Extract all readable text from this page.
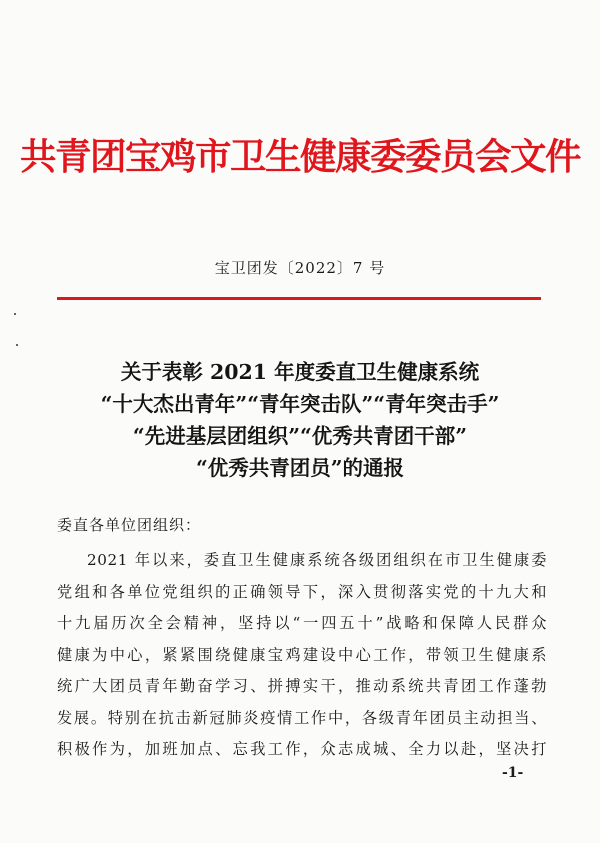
共青团宝鸡市卫生健康委委员会文件
宝卫团发〔2022〕7 号
关于表彰 2021 年度委直卫生健康系统
“十大杰出青年”“青年突击队”“青年突击手”
“先进基层团组织”“优秀共青团干部”
“优秀共青团员”的通报
委直各单位团组织：
2021 年以来，委直卫生健康系统各级团组织在市卫生健康委
党组和各单位党组织的正确领导下，深入贯彻落实党的十九大和
十九届历次全会精神，坚持以“一四五十”战略和保障人民群众
健康为中心，紧紧围绕健康宝鸡建设中心工作，带领卫生健康系
统广大团员青年勤奋学习、拼搏实干，推动系统共青团工作蓬勃
发展。特别在抗击新冠肺炎疫情工作中，各级青年团员主动担当、
积极作为，加班加点、忘我工作，众志成城、全力以赴，坚决打
-1-
